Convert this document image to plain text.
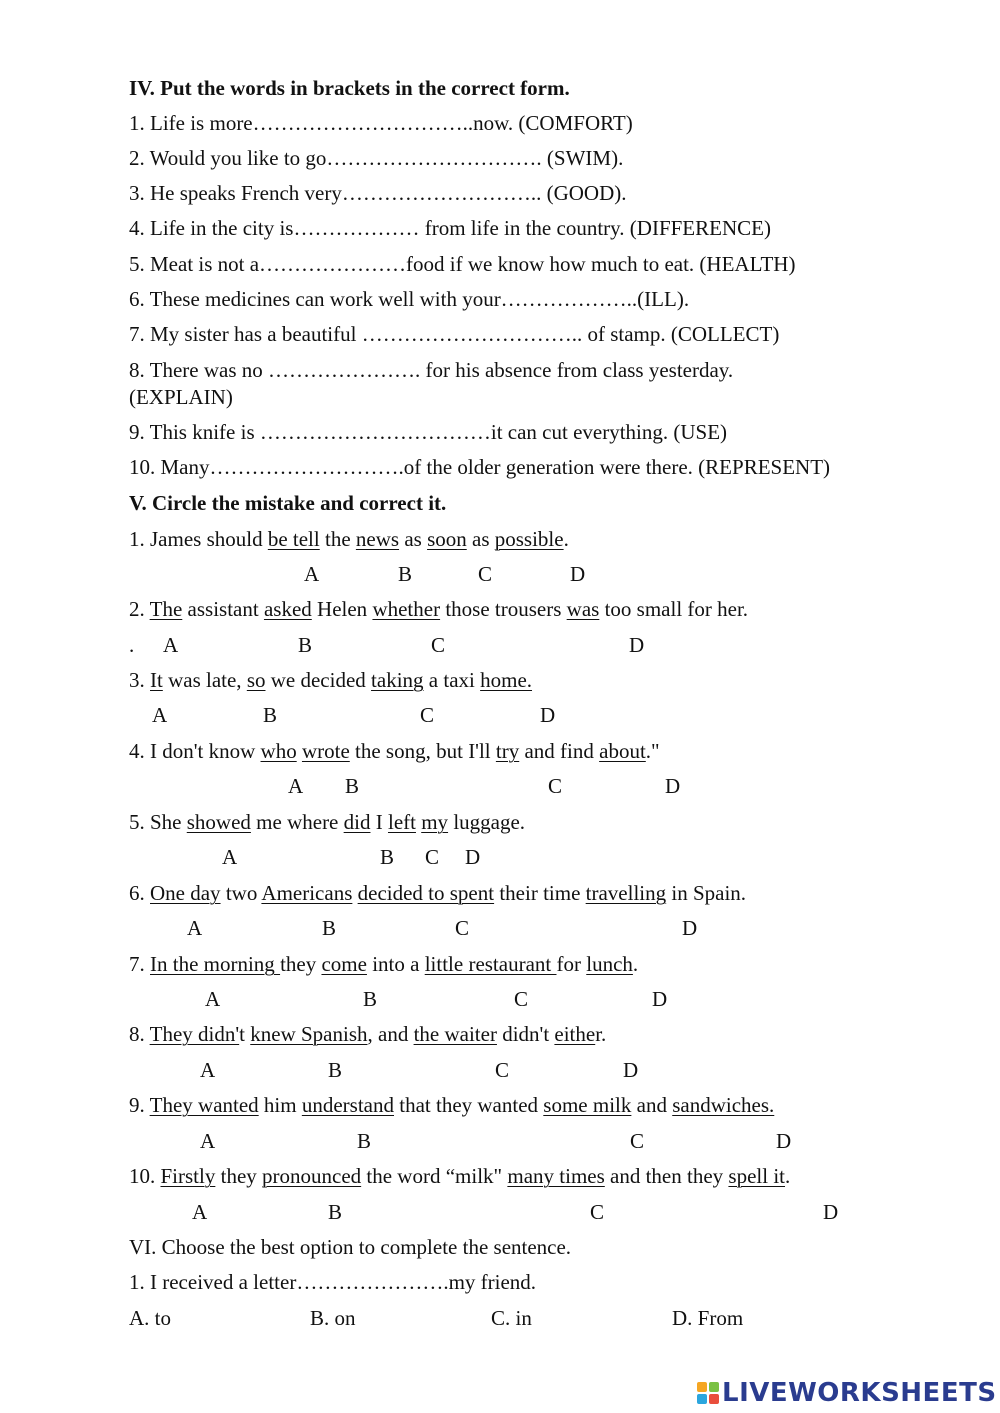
IV. Put the words in brackets in the correct form.
1. Life is more…………………………..now. (COMFORT)
2. Would you like to go…………………………. (SWIM).
3. He speaks French very……………………….. (GOOD).
4. Life in the city is……………… from life in the country. (DIFFERENCE)
5. Meat is not a…………………food if we know how much to eat. (HEALTH)
6. These medicines can work well with your………………..(ILL).
7. My sister has a beautiful ………………………….. of stamp. (COLLECT)
8. There was no …………………. for his absence from class yesterday.
(EXPLAIN)
9. This knife is ……………………………it can cut everything. (USE)
10. Many……………………….of the older generation were there. (REPRESENT)
V. Circle the mistake and correct it.
1. James should be tell the news as soon as possible.
A	B	C	D
2. The assistant asked Helen whether those trousers was too small for her.
. A	B	C	D
3. It was late, so we decided taking a taxi home.
A	B	C	D
4. I don't know who wrote the song, but I'll try and find about."
A B	C	D
5. She showed me where did I left my luggage.
A	B C D
6. One day two Americans decided to spent their time travelling in Spain.
A	B	C	D
7. In the morning they come into a little restaurant for lunch.
A	B	C	D
8. They didn't knew Spanish, and the waiter didn't either.
A	B	C	D
9. They wanted him understand that they wanted some milk and sandwiches.
A	B	C	D
10. Firstly they pronounced the word “milk" many times and then they spell it.
A	B	C	D
VI. Choose the best option to complete the sentence.
1. I received a letter………………….my friend.
A. to	B. on	C. in	D. From
LIVEWORKSHEETS
